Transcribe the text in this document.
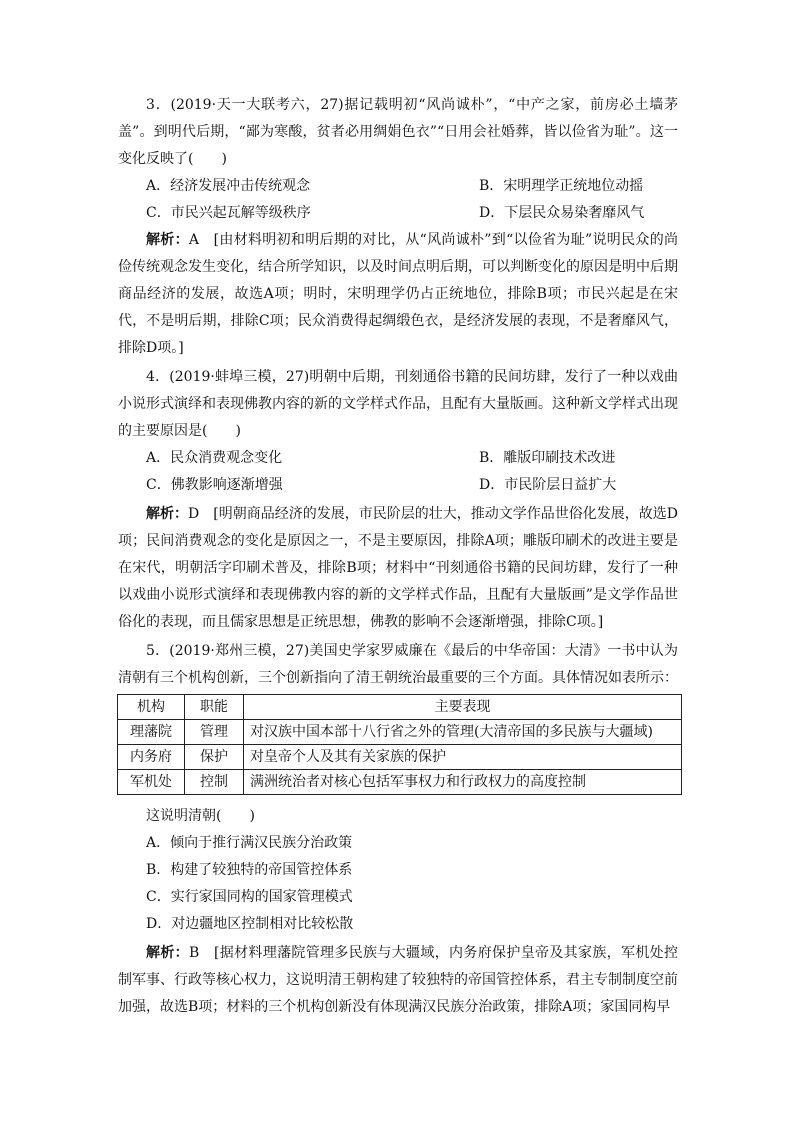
3．(2019·天一大联考六，27)据记载明初“风尚诚朴”，“中产之家，前房必土墙茅盖”。到明代后期，“鄙为寒酸，贫者必用绸娟色衣”“日用会社婚葬，皆以俭省为耻”。这一变化反映了(　　)
A．经济发展冲击传统观念	B．宋明理学正统地位动摇
C．市民兴起瓦解等级秩序	D．下层民众易染奢靡风气
解析：A　[由材料明初和明后期的对比，从“风尚诚朴”到“以俭省为耻”说明民众的尚俭传统观念发生变化，结合所学知识，以及时间点明后期，可以判断变化的原因是明中后期商品经济的发展，故选A项；明时，宋明理学仍占正统地位，排除B项；市民兴起是在宋代，不是明后期，排除C项；民众消费得起绸缎色衣，是经济发展的表现，不是奢靡风气，排除D项。]
4．(2019·蚌埠三模，27)明朝中后期，刊刻通俗书籍的民间坊肆，发行了一种以戏曲小说形式演绎和表现佛教内容的新的文学样式作品，且配有大量版画。这种新文学样式出现的主要原因是(　　)
A．民众消费观念变化	B．雕版印刷技术改进
C．佛教影响逐渐增强	D．市民阶层日益扩大
解析：D　[明朝商品经济的发展，市民阶层的壮大，推动文学作品世俗化发展，故选D项；民间消费观念的变化是原因之一，不是主要原因，排除A项；雕版印刷术的改进主要是在宋代，明朝活字印刷术普及，排除B项；材料中“刊刻通俗书籍的民间坊肆，发行了一种以戏曲小说形式演绎和表现佛教内容的新的文学样式作品，且配有大量版画”是文学作品世俗化的表现，而且儒家思想是正统思想，佛教的影响不会逐渐增强，排除C项。]
5．(2019·郑州三模，27)美国史学家罗威廉在《最后的中华帝国：大清》一书中认为清朝有三个机构创新，三个创新指向了清王朝统治最重要的三个方面。具体情况如表所示：
机构	职能	主要表现
理藩院	管理	对汉族中国本部十八行省之外的管理(大清帝国的多民族与大疆域)
内务府	保护	对皇帝个人及其有关家族的保护
军机处	控制	满洲统治者对核心包括军事权力和行政权力的高度控制
这说明清朝(　　)
A．倾向于推行满汉民族分治政策
B．构建了较独特的帝国管控体系
C．实行家国同构的国家管理模式
D．对边疆地区控制相对比较松散
解析：B　[据材料理藩院管理多民族与大疆域，内务府保护皇帝及其家族，军机处控制军事、行政等核心权力，这说明清王朝构建了较独特的帝国管控体系，君主专制制度空前加强，故选B项；材料的三个机构创新没有体现满汉民族分治政策，排除A项；家国同构早
